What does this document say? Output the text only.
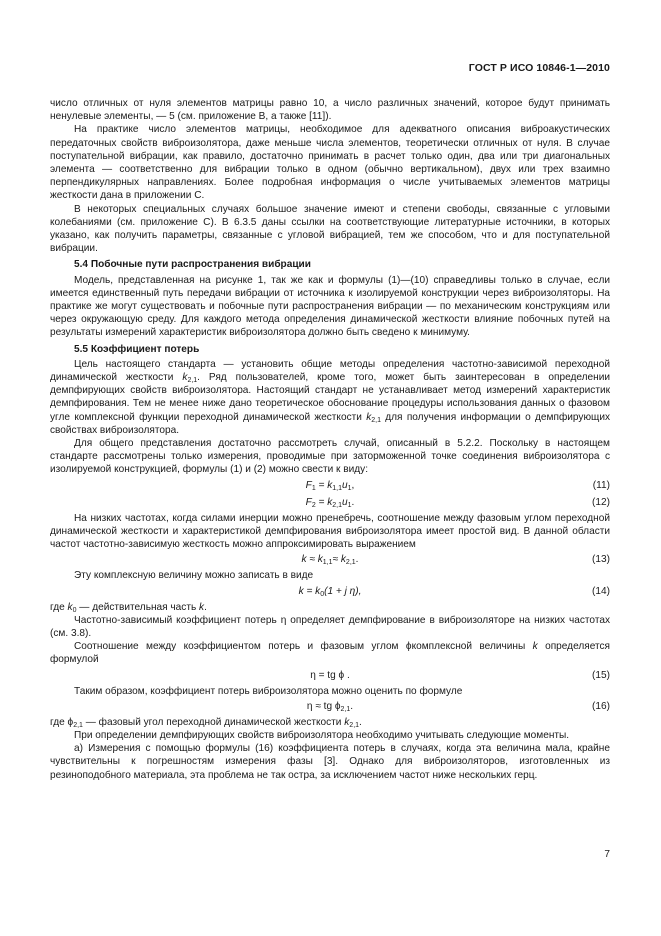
ГОСТ Р ИСО 10846-1—2010

число отличных от нуля элементов матрицы равно 10, а число различных значений, которое будут принимать ненулевые элементы, — 5 (см. приложение B, а также [11]).

На практике число элементов матрицы, необходимое для адекватного описания виброакустических передаточных свойств виброизолятора, даже меньше числа элементов, теоретически отличных от нуля. В случае поступательной вибрации, как правило, достаточно принимать в расчет только один, два или три диагональных элемента — соответственно для вибрации только в одном (обычно вертикальном), двух или трех взаимно перпендикулярных направлениях. Более подробная информация о числе учитываемых элементов матрицы жесткости дана в приложении C.

В некоторых специальных случаях большое значение имеют и степени свободы, связанные с угловыми колебаниями (см. приложение C). В 6.3.5 даны ссылки на соответствующие литературные источники, в которых указано, как получить параметры, связанные с угловой вибрацией, тем же способом, что и для поступательной вибрации.

5.4 Побочные пути распространения вибрации

Модель, представленная на рисунке 1, так же как и формулы (1)—(10) справедливы только в случае, если имеется единственный путь передачи вибрации от источника к изолируемой конструкции через виброизоляторы. На практике же могут существовать и побочные пути распространения вибрации — по механическим конструкциям или через окружающую среду. Для каждого метода определения динамической жесткости влияние побочных путей на результаты измерений характеристик виброизолятора должно быть сведено к минимуму.

5.5 Коэффициент потерь

Цель настоящего стандарта — установить общие методы определения частотно-зависимой переходной динамической жесткости $k_{2,1}$. Ряд пользователей, кроме того, может быть заинтересован в определении демпфирующих свойств виброизолятора. Настоящий стандарт не устанавливает метод измерений характеристик демпфирования. Тем не менее ниже дано теоретическое обоснование процедуры использования данных о фазовом угле комплексной функции переходной динамической жесткости $k_{2,1}$ для получения информации о демпфирующих свойствах виброизолятора.

Для общего представления достаточно рассмотреть случай, описанный в 5.2.2. Поскольку в настоящем стандарте рассмотрены только измерения, проводимые при заторможенной точке соединения виброизолятора с изолируемой конструкцией, формулы (1) и (2) можно свести к виду:

$F_1 = k_{1,1}u_1$,	(11)
$F_2 = k_{2,1}u_1$.	(12)

На низких частотах, когда силами инерции можно пренебречь, соотношение между фазовым углом переходной динамической жесткости и характеристикой демпфирования виброизолятора имеет простой вид. В данной области частот частотно-зависимую жесткость можно аппроксимировать выражением

$k \approx k_{1,1}\approx k_{2,1}$.	(13)

Эту комплексную величину можно записать в виде

$k = k_0(1 + j$ η),	(14)

где $k_0$ — действительная часть k.

Частотно-зависимый коэффициент потерь η определяет демпфирование в виброизоляторе на низких частотах (см. 3.8).

Соотношение между коэффициентом потерь и фазовым углом ϕкомплексной величины k определяется формулой

η = tg ϕ .	(15)

Таким образом, коэффициент потерь виброизолятора можно оценить по формуле

η ≈ tg $\phi_{2,1}$.	(16)

где $\phi_{2,1}$ — фазовый угол переходной динамической жесткости $k_{2,1}$.

При определении демпфирующих свойств виброизолятора необходимо учитывать следующие моменты.

а) Измерения с помощью формулы (16) коэффициента потерь в случаях, когда эта величина мала, крайне чувствительны к погрешностям измерения фазы [3]. Однако для виброизоляторов, изготовленных из резиноподобного материала, эта проблема не так остра, за исключением частот ниже нескольких герц.

7
